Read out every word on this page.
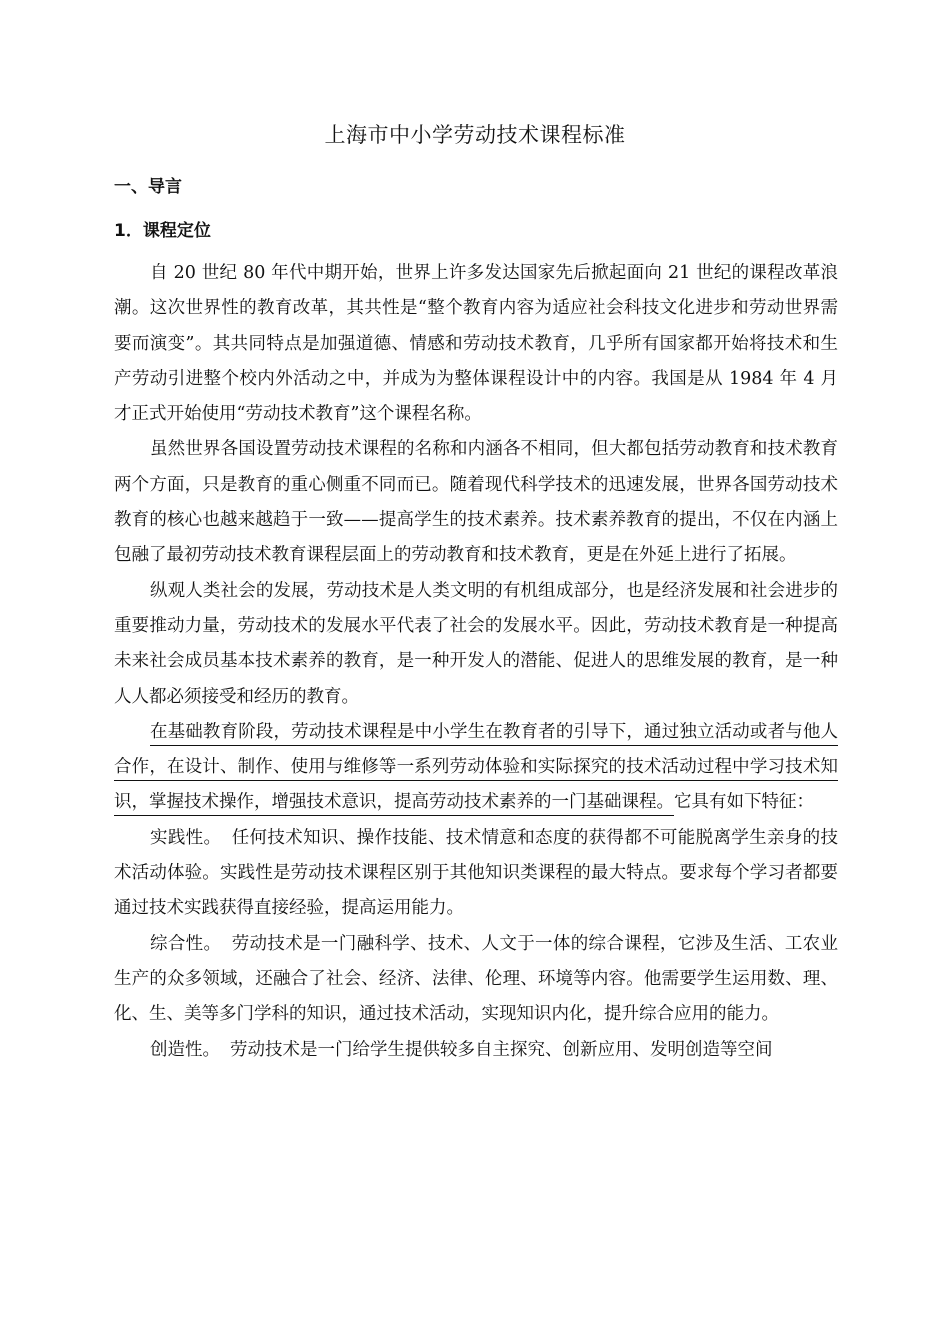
上海市中小学劳动技术课程标准
一、导言
1．课程定位

自 20 世纪 80 年代中期开始，世界上许多发达国家先后掀起面向 21 世纪的课程改革浪潮。这次世界性的教育改革，其共性是“整个教育内容为适应社会科技文化进步和劳动世界需要而演变”。其共同特点是加强道德、情感和劳动技术教育，几乎所有国家都开始将技术和生产劳动引进整个校内外活动之中，并成为为整体课程设计中的内容。我国是从 1984 年 4 月才正式开始使用“劳动技术教育”这个课程名称。

虽然世界各国设置劳动技术课程的名称和内涵各不相同，但大都包括劳动教育和技术教育两个方面，只是教育的重心侧重不同而已。随着现代科学技术的迅速发展，世界各国劳动技术教育的核心也越来越趋于一致——提高学生的技术素养。技术素养教育的提出，不仅在内涵上包融了最初劳动技术教育课程层面上的劳动教育和技术教育，更是在外延上进行了拓展。

纵观人类社会的发展，劳动技术是人类文明的有机组成部分，也是经济发展和社会进步的重要推动力量，劳动技术的发展水平代表了社会的发展水平。因此，劳动技术教育是一种提高未来社会成员基本技术素养的教育，是一种开发人的潜能、促进人的思维发展的教育，是一种人人都必须接受和经历的教育。

在基础教育阶段，劳动技术课程是中小学生在教育者的引导下，通过独立活动或者与他人合作，在设计、制作、使用与维修等一系列劳动体验和实际探究的技术活动过程中学习技术知识，掌握技术操作，增强技术意识，提高劳动技术素养的一门基础课程。它具有如下特征：

实践性。 任何技术知识、操作技能、技术情意和态度的获得都不可能脱离学生亲身的技术活动体验。实践性是劳动技术课程区别于其他知识类课程的最大特点。要求每个学习者都要通过技术实践获得直接经验，提高运用能力。

综合性。 劳动技术是一门融科学、技术、人文于一体的综合课程，它涉及生活、工农业生产的众多领域，还融合了社会、经济、法律、伦理、环境等内容。他需要学生运用数、理、化、生、美等多门学科的知识，通过技术活动，实现知识内化，提升综合应用的能力。

创造性。 劳动技术是一门给学生提供较多自主探究、创新应用、发明创造等空间
